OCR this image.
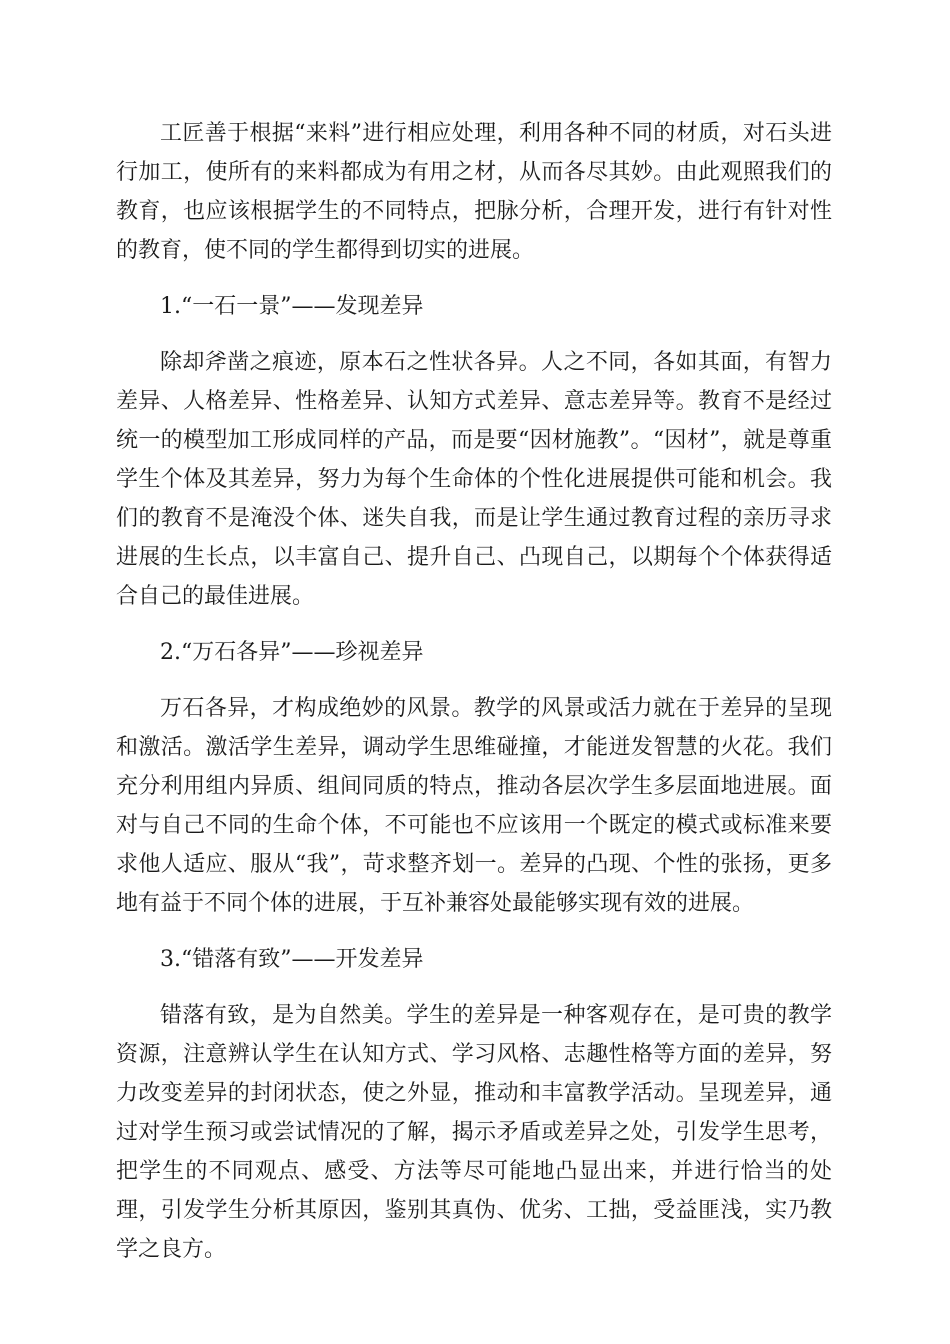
工匠善于根据“来料”进行相应处理，利用各种不同的材质，对石头进行加工，使所有的来料都成为有用之材，从而各尽其妙。由此观照我们的教育，也应该根据学生的不同特点，把脉分析，合理开发，进行有针对性的教育，使不同的学生都得到切实的进展。

1.“一石一景”——发现差异

除却斧凿之痕迹，原本石之性状各异。人之不同，各如其面，有智力差异、人格差异、性格差异、认知方式差异、意志差异等。教育不是经过统一的模型加工形成同样的产品，而是要“因材施教”。“因材”，就是尊重学生个体及其差异，努力为每个生命体的个性化进展提供可能和机会。我们的教育不是淹没个体、迷失自我，而是让学生通过教育过程的亲历寻求进展的生长点，以丰富自己、提升自己、凸现自己，以期每个个体获得适合自己的最佳进展。

2.“万石各异”——珍视差异

万石各异，才构成绝妙的风景。教学的风景或活力就在于差异的呈现和激活。激活学生差异，调动学生思维碰撞，才能迸发智慧的火花。我们充分利用组内异质、组间同质的特点，推动各层次学生多层面地进展。面对与自己不同的生命个体，不可能也不应该用一个既定的模式或标准来要求他人适应、服从“我”，苛求整齐划一。差异的凸现、个性的张扬，更多地有益于不同个体的进展，于互补兼容处最能够实现有效的进展。

3.“错落有致”——开发差异

错落有致，是为自然美。学生的差异是一种客观存在，是可贵的教学资源，注意辨认学生在认知方式、学习风格、志趣性格等方面的差异，努力改变差异的封闭状态，使之外显，推动和丰富教学活动。呈现差异，通过对学生预习或尝试情况的了解，揭示矛盾或差异之处，引发学生思考，把学生的不同观点、感受、方法等尽可能地凸显出来，并进行恰当的处理，引发学生分析其原因，鉴别其真伪、优劣、工拙，受益匪浅，实乃教学之良方。
